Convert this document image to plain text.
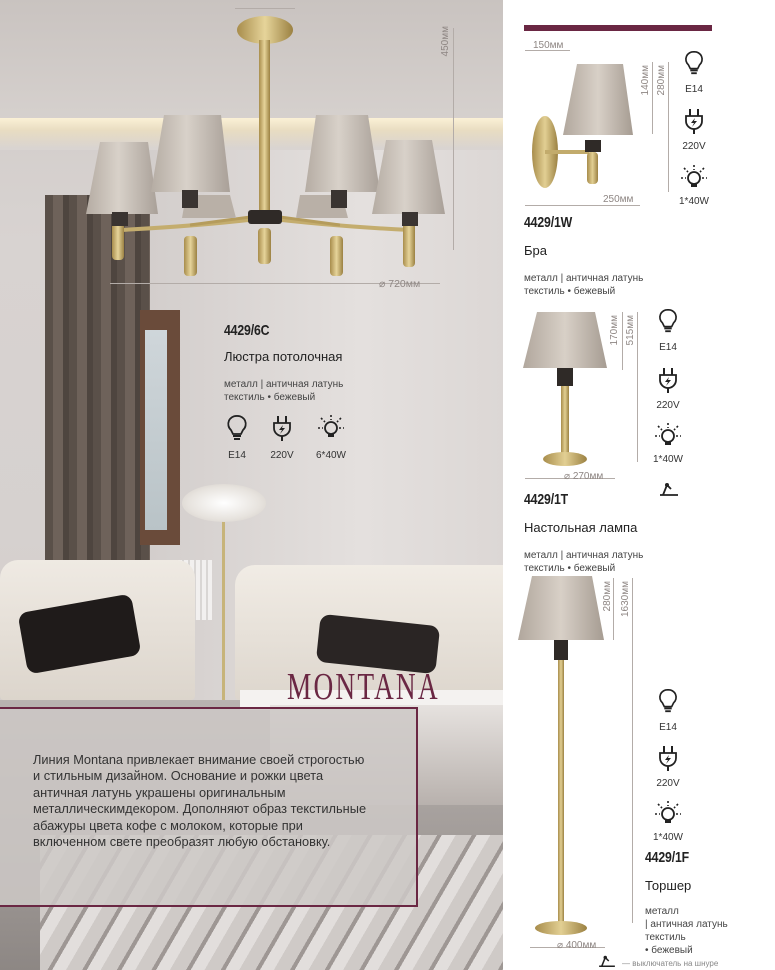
450мм
⌀ 720мм
4429/6C
Люстра потолочная
металл | античная латунь
текстиль • бежевый
E14 220V 6*40W
MONTANA
Линия Montana привлекает внимание своей строгостью и стильным дизайном. Основание и рожки цвета античная латунь украшены оригинальным металлическимдекором. Дополняют образ текстильные абажуры цвета кофе с молоком, которые при включенном свете преобразят любую обстановку.
150мм
140мм 280мм
250мм
E14
220V
1*40W
4429/1W
Бра
металл | античная латунь
текстиль • бежевый
170мм 515мм
⌀ 270мм
E14
220V
1*40W
4429/1T
Настольная лампа
металл | античная латунь
текстиль • бежевый
280мм 1630мм
⌀ 400мм
E14
220V
1*40W
4429/1F
Торшер
металл
| античная латунь
текстиль
• бежевый
— выключатель на шнуре
